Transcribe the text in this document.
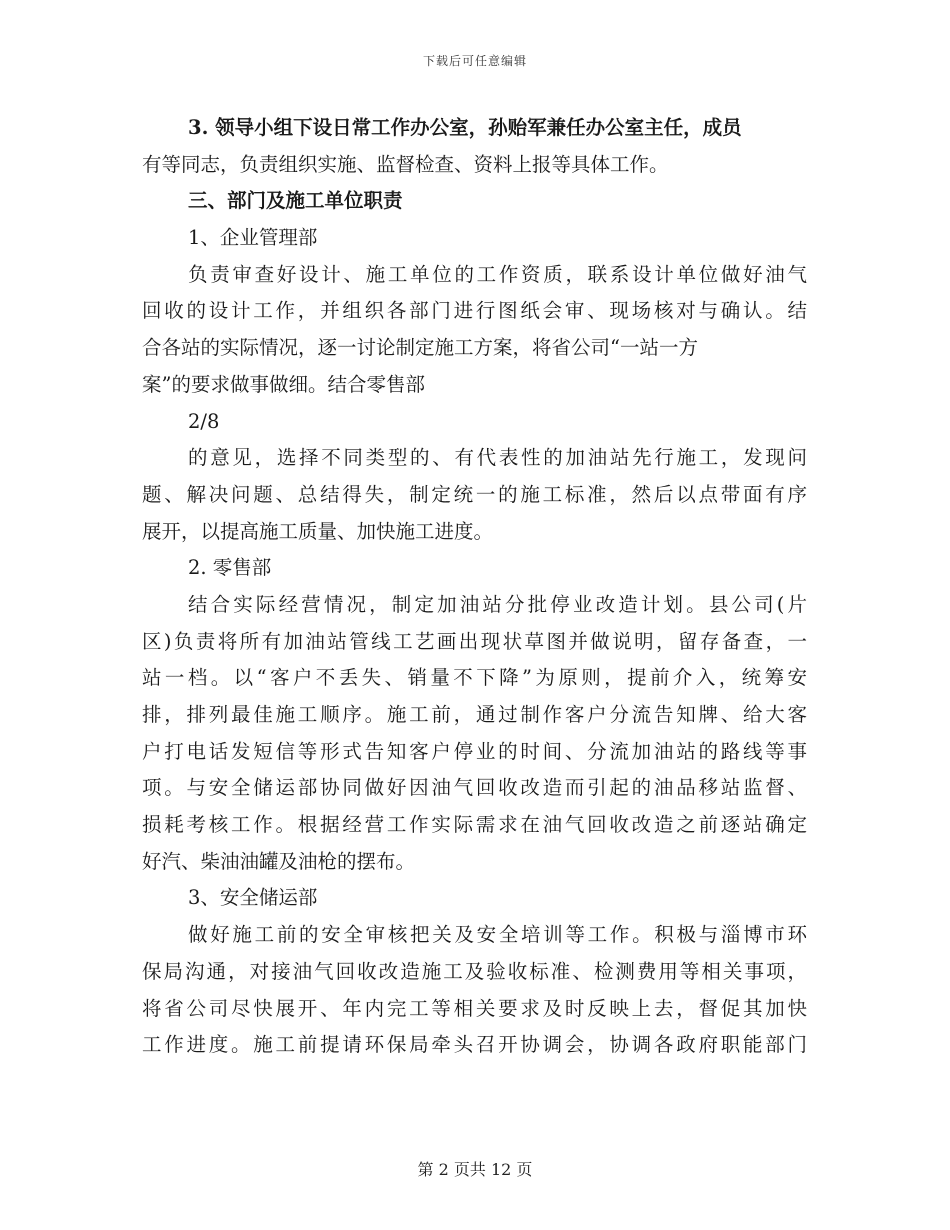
下载后可任意编辑
3. 领导小组下设日常工作办公室，孙贻军兼任办公室主任，成员
有等同志，负责组织实施、监督检查、资料上报等具体工作。
三、部门及施工单位职责
1、企业管理部
负责审查好设计、施工单位的工作资质，联系设计单位做好油气
回收的设计工作，并组织各部门进行图纸会审、现场核对与确认。结
合各站的实际情况，逐一讨论制定施工方案，将省公司“一站一方
案”的要求做事做细。结合零售部
2/8
的意见，选择不同类型的、有代表性的加油站先行施工，发现问
题、解决问题、总结得失，制定统一的施工标准，然后以点带面有序
展开，以提高施工质量、加快施工进度。
2. 零售部
结合实际经营情况，制定加油站分批停业改造计划。县公司(片
区)负责将所有加油站管线工艺画出现状草图并做说明，留存备查，一
站一档。以“客户不丢失、销量不下降”为原则，提前介入，统筹安
排，排列最佳施工顺序。施工前，通过制作客户分流告知牌、给大客
户打电话发短信等形式告知客户停业的时间、分流加油站的路线等事
项。与安全储运部协同做好因油气回收改造而引起的油品移站监督、
损耗考核工作。根据经营工作实际需求在油气回收改造之前逐站确定
好汽、柴油油罐及油枪的摆布。
3、安全储运部
做好施工前的安全审核把关及安全培训等工作。积极与淄博市环
保局沟通，对接油气回收改造施工及验收标准、检测费用等相关事项，
将省公司尽快展开、年内完工等相关要求及时反映上去，督促其加快
工作进度。施工前提请环保局牵头召开协调会，协调各政府职能部门
第 2 页共 12 页
